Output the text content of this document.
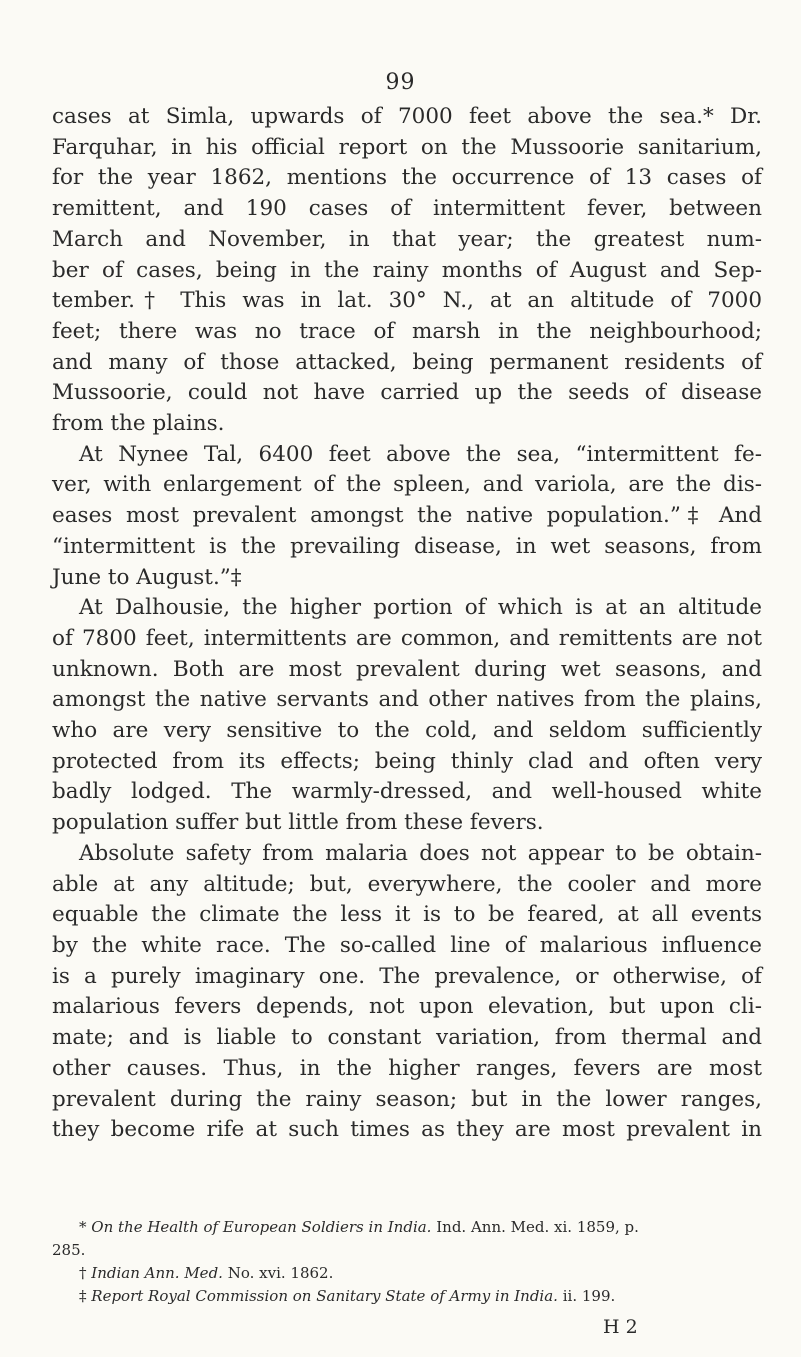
99
cases at Simla, upwards of 7000 feet above the sea.* Dr.
Farquhar, in his official report on the Mussoorie sanitarium,
for the year 1862, mentions the occurrence of 13 cases of
remittent, and 190 cases of intermittent fever, between
March and November, in that year; the greatest num-
ber of cases, being in the rainy months of August and Sep-
tember.† This was in lat. 30° N., at an altitude of 7000
feet; there was no trace of marsh in the neighbourhood;
and many of those attacked, being permanent residents of
Mussoorie, could not have carried up the seeds of disease
from the plains.
At Nynee Tal, 6400 feet above the sea, “intermittent fe-
ver, with enlargement of the spleen, and variola, are the dis-
eases most prevalent amongst the native population.”‡ And
“intermittent is the prevailing disease, in wet seasons, from
June to August.”‡
At Dalhousie, the higher portion of which is at an altitude
of 7800 feet, intermittents are common, and remittents are not
unknown. Both are most prevalent during wet seasons, and
amongst the native servants and other natives from the plains,
who are very sensitive to the cold, and seldom sufficiently
protected from its effects; being thinly clad and often very
badly lodged. The warmly-dressed, and well-housed white
population suffer but little from these fevers.
Absolute safety from malaria does not appear to be obtain-
able at any altitude; but, everywhere, the cooler and more
equable the climate the less it is to be feared, at all events
by the white race. The so-called line of malarious influence
is a purely imaginary one. The prevalence, or otherwise, of
malarious fevers depends, not upon elevation, but upon cli-
mate; and is liable to constant variation, from thermal and
other causes. Thus, in the higher ranges, fevers are most
prevalent during the rainy season; but in the lower ranges,
they become rife at such times as they are most prevalent in
* On the Health of European Soldiers in India. Ind. Ann. Med. xi. 1859, p.
285.
† Indian Ann. Med. No. xvi. 1862.
‡ Report Royal Commission on Sanitary State of Army in India. ii. 199.
H 2
